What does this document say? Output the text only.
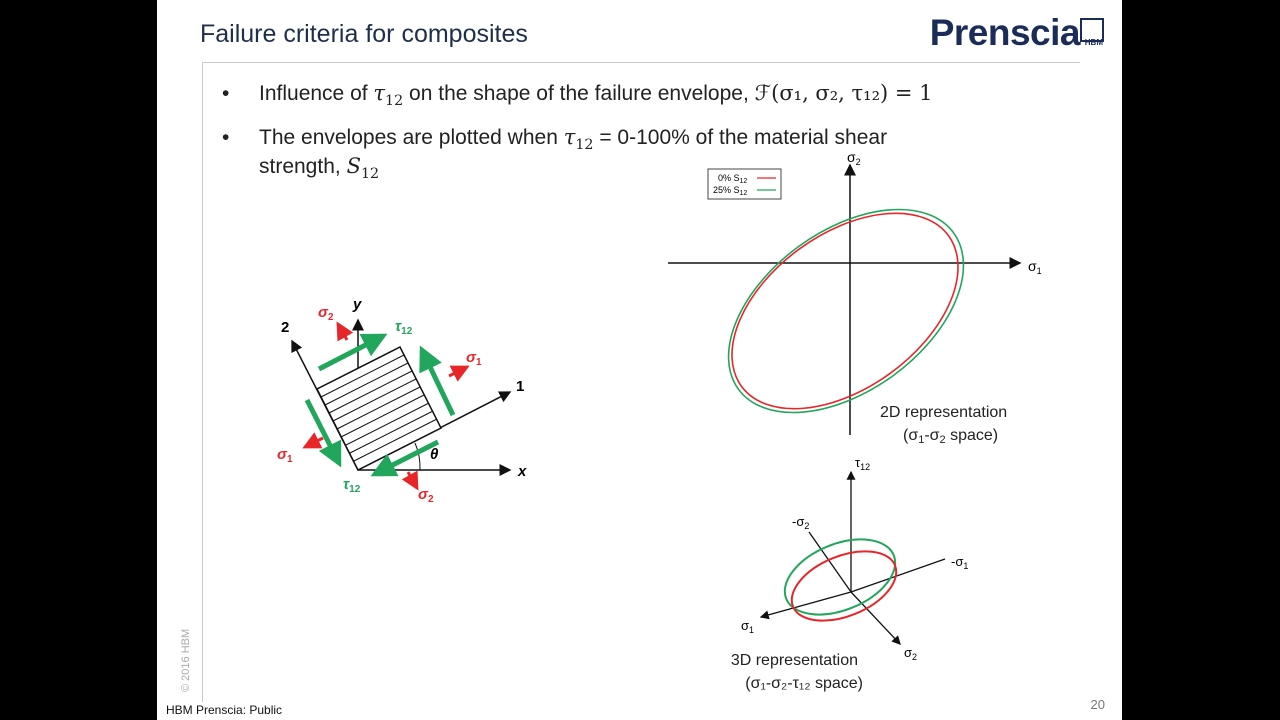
Failure criteria for composites	Prenscia HBM
• Influence of $\tau_{12}$ on the shape of the failure envelope, ℱ(σ₁, σ₂, τ₁₂) = 1
• The envelopes are plotted when $\tau_{12} = 0-100\%$ of the material shear
strength, $S_{12}$
x
y
1
2
θ
$\sigma_2$
$\sigma_1$
$\sigma_1$
$\sigma_2$
$\tau_{12}$
$\tau_{12}$
$\sigma_1$
$\sigma_2$
0% $S_{12}$
25% $S_{12}$
2D representation
(σ1-σ2 space)
$\tau_{12}$
$-\sigma_2$
$-\sigma_1$
$\sigma_1$
$\sigma_2$
3D representation
(σ₁-σ₂-τ₁₂ space)
© 2016 HBM
HBM Prenscia: Public	20
